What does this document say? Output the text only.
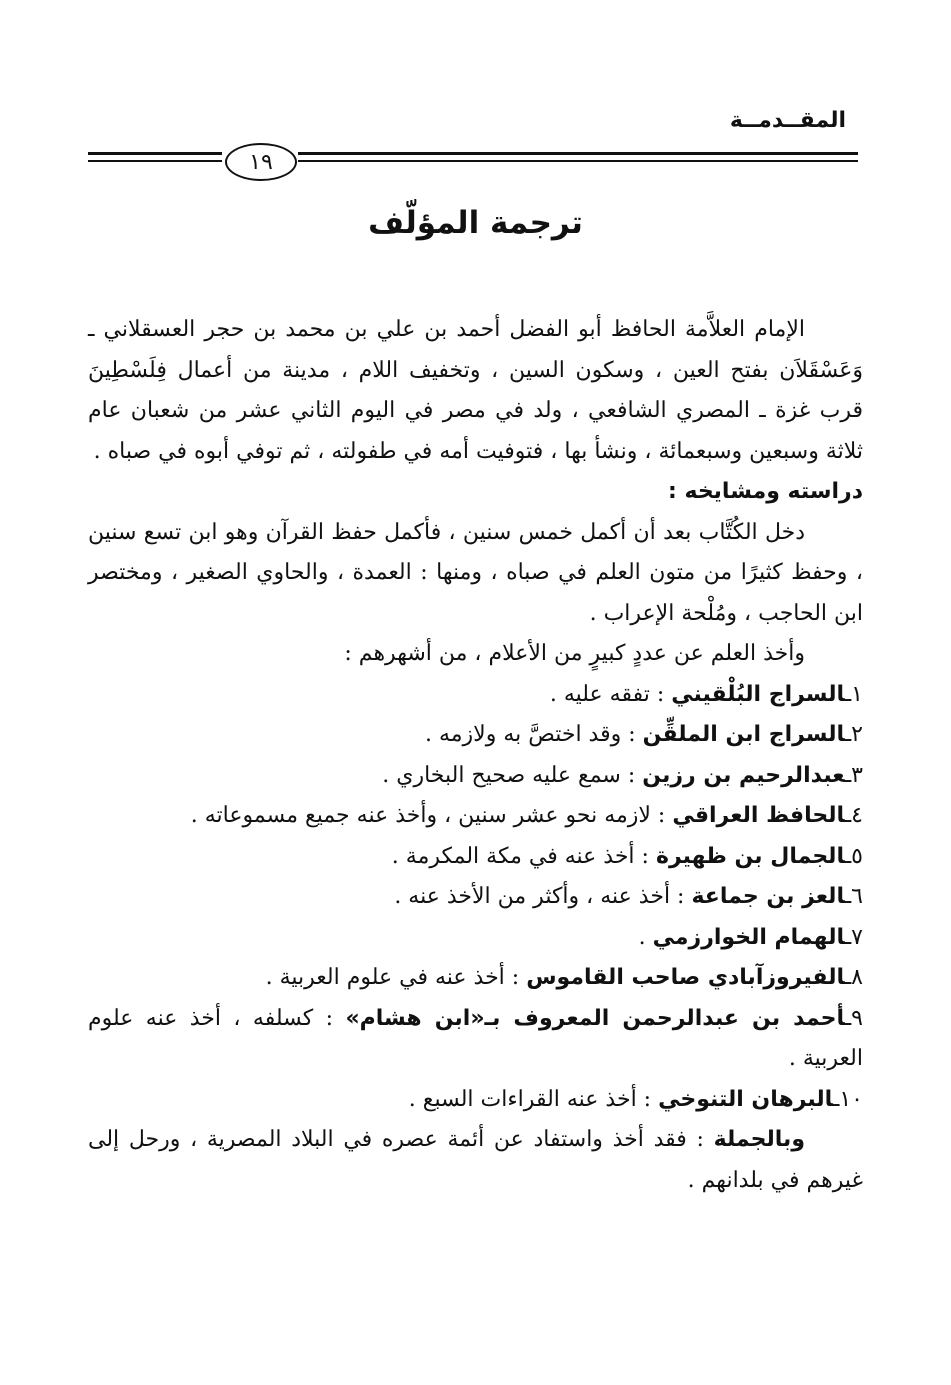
المقــدمــة
١٩
ترجمة المؤلّف

الإمام العلاَّمة الحافظ أبو الفضل أحمد بن علي بن محمد بن حجر العسقلاني ـ وَعَسْقَلاَن بفتح العين ، وسكون السين ، وتخفيف اللام ، مدينة من أعمال فِلَسْطِينَ قرب غزة ـ المصري الشافعي ، ولد في مصر في اليوم الثاني عشر من شعبان عام ثلاثة وسبعين وسبعمائة ، ونشأ بها ، فتوفيت أمه في طفولته ، ثم توفي أبوه في صباه .

دراسته ومشايخه :

دخل الكُتَّاب بعد أن أكمل خمس سنين ، فأكمل حفظ القرآن وهو ابن تسع سنين ، وحفظ كثيرًا من متون العلم في صباه ، ومنها : العمدة ، والحاوي الصغير ، ومختصر ابن الحاجب ، ومُلْحة الإعراب .

وأخذ العلم عن عددٍ كبيرٍ من الأعلام ، من أشهرهم :

١ـالسراج البُلْقيني : تفقه عليه .

٢ـالسراج ابن الملقِّن : وقد اختصَّ به ولازمه .

٣ـعبدالرحيم بن رزين : سمع عليه صحيح البخاري .

٤ـالحافظ العراقي : لازمه نحو عشر سنين ، وأخذ عنه جميع مسموعاته .

٥ـالجمال بن ظهيرة : أخذ عنه في مكة المكرمة .

٦ـالعز بن جماعة : أخذ عنه ، وأكثر من الأخذ عنه .

٧ـالهمام الخوارزمي .

٨ـالفيروزآبادي صاحب القاموس : أخذ عنه في علوم العربية .

٩ـأحمد بن عبدالرحمن المعروف بـ«ابن هشام» : كسلفه ، أخذ عنه علوم العربية .

١٠ـالبرهان التنوخي : أخذ عنه القراءات السبع .

وبالجملة : فقد أخذ واستفاد عن أئمة عصره في البلاد المصرية ، ورحل إلى غيرهم في بلدانهم .
